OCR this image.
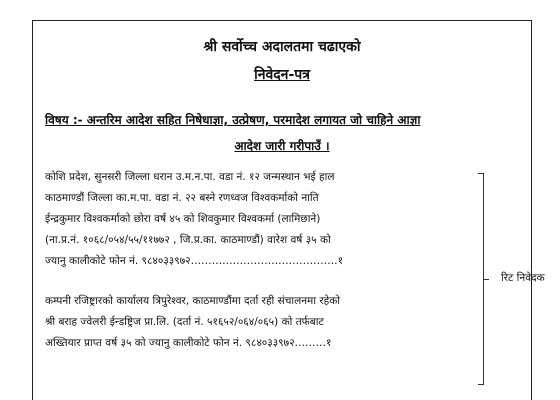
श्री सर्वोच्च अदालतमा चढाएको
निवेदन-पत्र
विषय :- अन्तरिम आदेश सहित निषेधाज्ञा, उत्प्रेषण, परमादेश लगायत जो चाहिने आज्ञा
आदेश जारी गरीपाउँ ।

कोशि प्रदेश, सुनसरी जिल्ला धरान उ.म.न.पा. वडा नं. १२ जन्मस्थान भई हाल
काठमाण्डौं जिल्ला का.म.पा. वडा नं. २२ बस्ने रणध्वज विश्वकर्माको नाति
ईन्द्रकुमार विश्वकर्माको छोरा वर्ष ४५ को शिवकुमार विश्वकर्मा (लामिछाने)
(ना.प्र.नं. १०६८/०५४/५५/११७७२ , जि.प्र.का. काठमाण्डौं) वारेश वर्ष ३५ को
ज्यानु कालीकोटे फोन नं. ९८४०३३९७२……………………………………१

कम्पनी रजिष्ट्रारको कार्यालय त्रिपुरेश्वर, काठमाण्डौंमा दर्ता रही संचालनमा रहेको
श्री बराह ज्वेलरी ईन्डष्ट्रिज प्रा.लि. (दर्ता नं. ५१६५२/०६४/०६५) को तर्फबाट
अख्तियार प्राप्त वर्ष ३५ को ज्यानु कालीकोटे फोन नं. ९८४०३३९७२………१

रिट निवेदक
